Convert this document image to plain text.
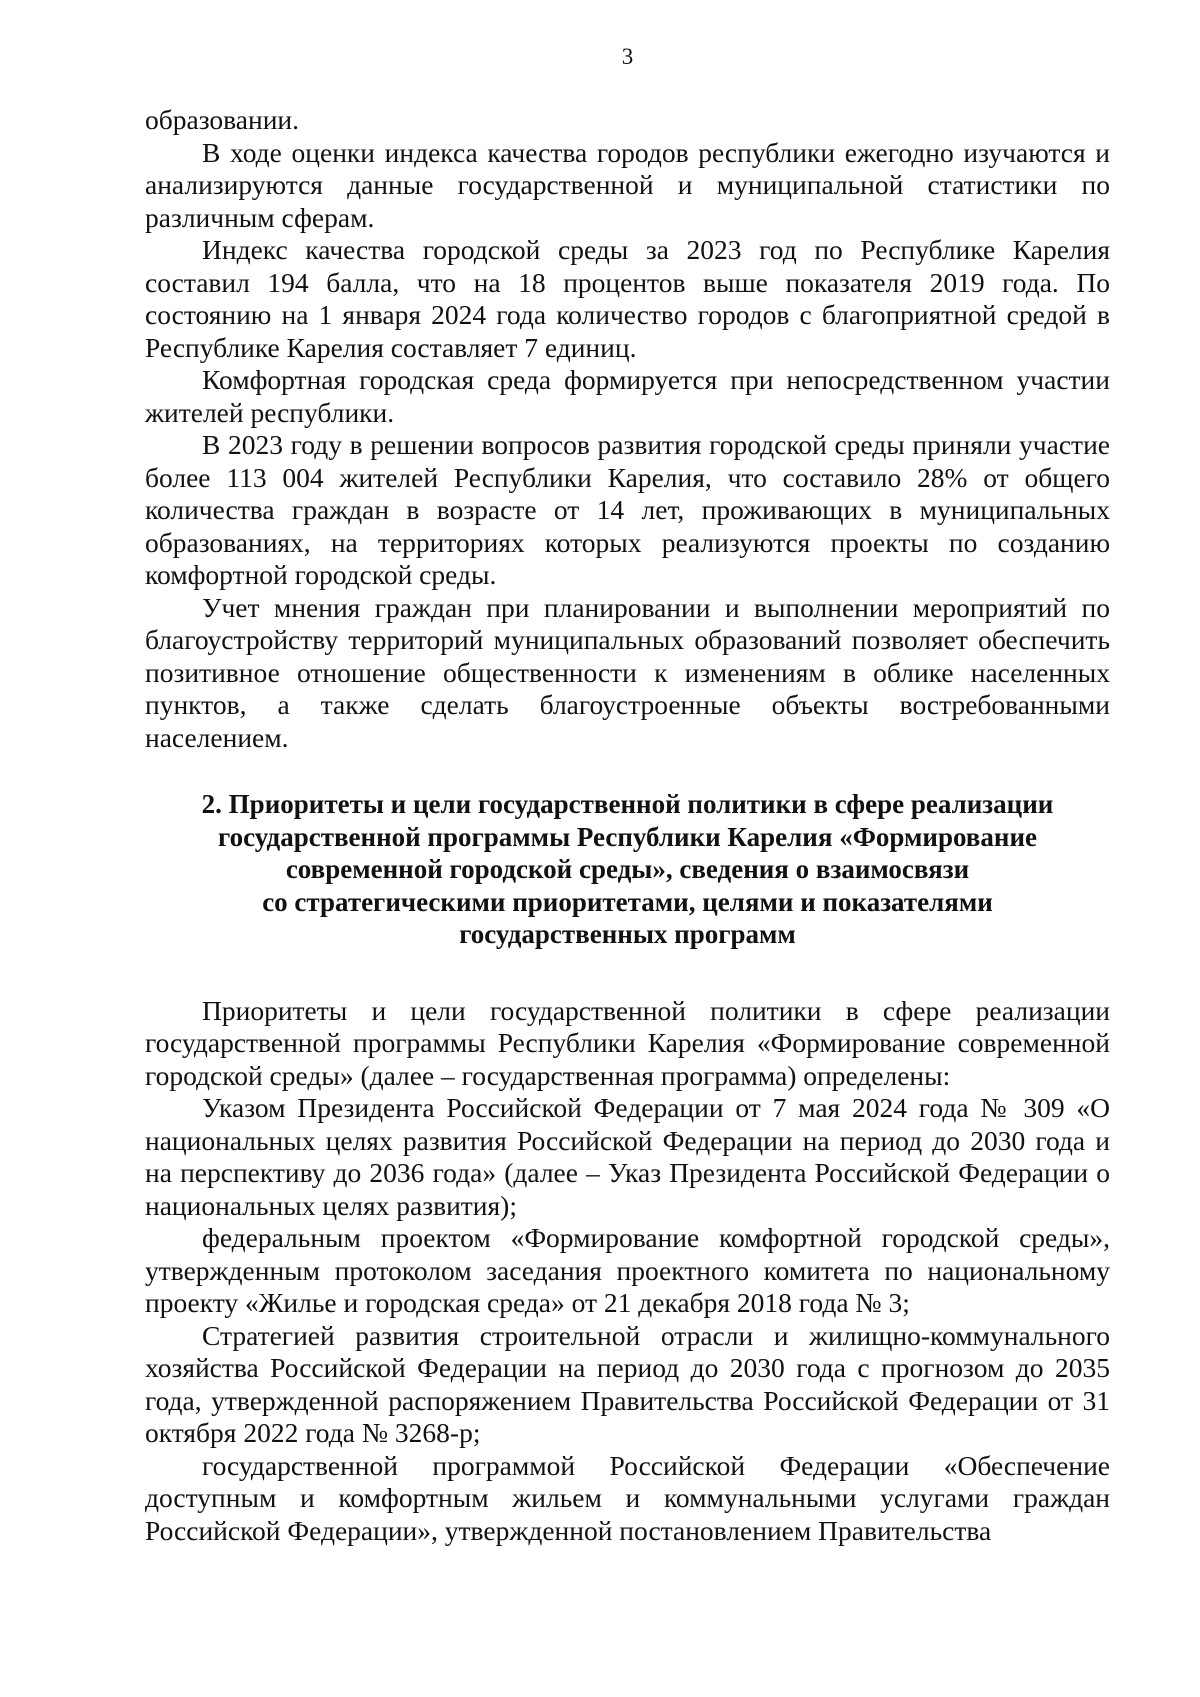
3

образовании.

В ходе оценки индекса качества городов республики ежегодно изучаются и анализируются данные государственной и муниципальной статистики по различным сферам.

Индекс качества городской среды за 2023 год по Республике Карелия составил 194 балла, что на 18 процентов выше показателя 2019 года. По состоянию на 1 января 2024 года количество городов с благоприятной средой в Республике Карелия составляет 7 единиц.

Комфортная городская среда формируется при непосредственном участии жителей республики.

В 2023 году в решении вопросов развития городской среды приняли участие более 113 004 жителей Республики Карелия, что составило 28% от общего количества граждан в возрасте от 14 лет, проживающих в муниципальных образованиях, на территориях которых реализуются проекты по созданию комфортной городской среды.

Учет мнения граждан при планировании и выполнении мероприятий по благоустройству территорий муниципальных образований позволяет обеспечить позитивное отношение общественности к изменениям в облике населенных пунктов, а также сделать благоустроенные объекты востребованными населением.

2. Приоритеты и цели государственной политики в сфере реализации
государственной программы Республики Карелия «Формирование
современной городской среды», сведения о взаимосвязи
со стратегическими приоритетами, целями и показателями
государственных программ

Приоритеты и цели государственной политики в сфере реализации государственной программы Республики Карелия «Формирование современной городской среды» (далее – государственная программа) определены:

Указом Президента Российской Федерации от 7 мая 2024 года № 309 «О национальных целях развития Российской Федерации на период до 2030 года и на перспективу до 2036 года» (далее – Указ Президента Российской Федерации о национальных целях развития);

федеральным проектом «Формирование комфортной городской среды», утвержденным протоколом заседания проектного комитета по национальному проекту «Жилье и городская среда» от 21 декабря 2018 года № 3;

Стратегией развития строительной отрасли и жилищно-коммунального хозяйства Российской Федерации на период до 2030 года с прогнозом до 2035 года, утвержденной распоряжением Правительства Российской Федерации от 31 октября 2022 года № 3268-р;

государственной программой Российской Федерации «Обеспечение доступным и комфортным жильем и коммунальными услугами граждан Российской Федерации», утвержденной постановлением Правительства
